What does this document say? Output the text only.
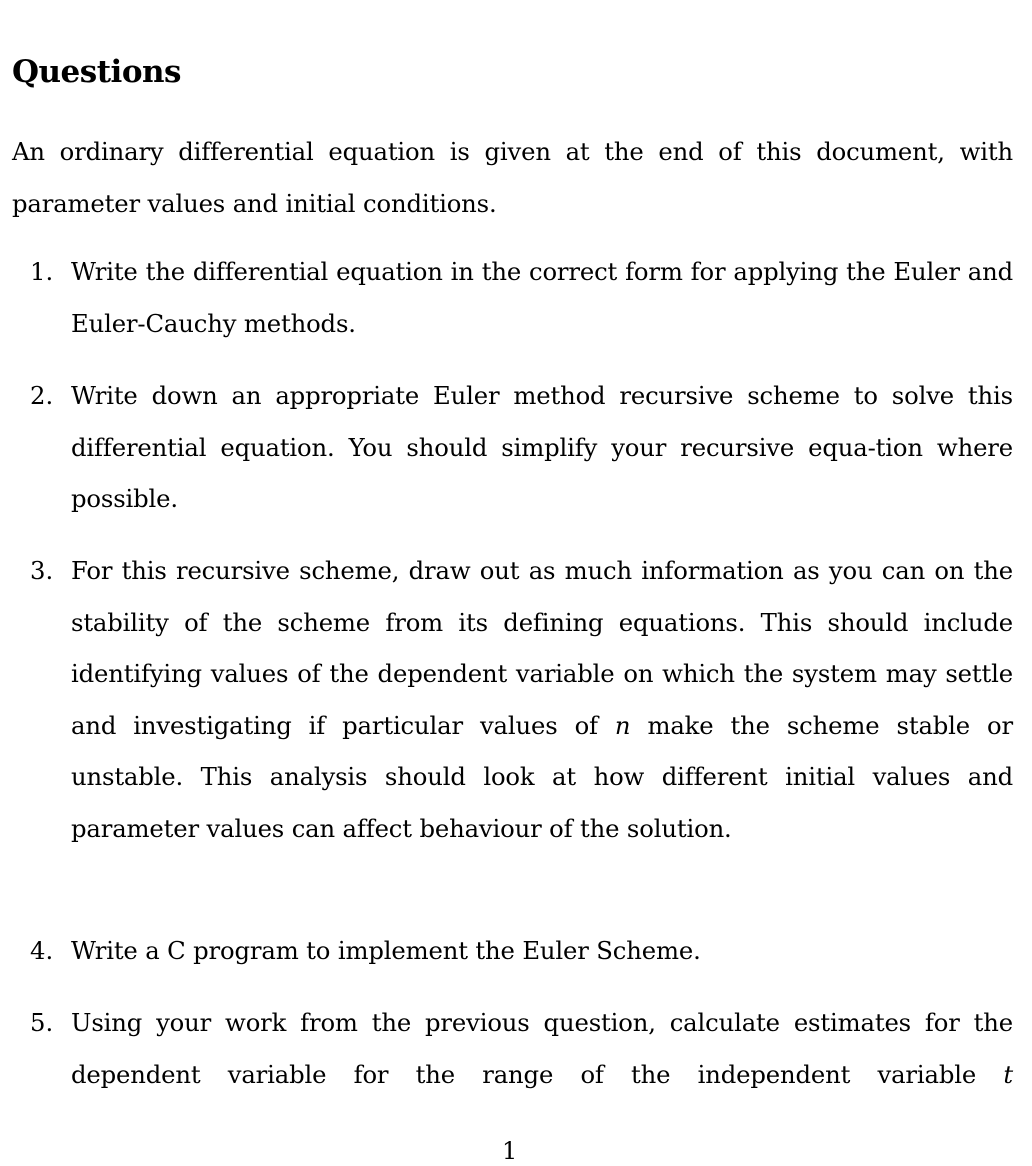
Questions

An ordinary differential equation is given at the end of this document, with parameter values and initial conditions.

1. Write the differential equation in the correct form for applying the Euler and Euler-Cauchy methods.

2. Write down an appropriate Euler method recursive scheme to solve this differential equation. You should simplify your recursive equa-tion where possible.

3. For this recursive scheme, draw out as much information as you can on the stability of the scheme from its defining equations. This should include identifying values of the dependent variable on which the system may settle and investigating if particular values of n make the scheme stable or unstable. This analysis should look at how different initial values and parameter values can affect behaviour of the solution.

4. Write a C program to implement the Euler Scheme.

5. Using your work from the previous question, calculate estimates for the dependent variable for the range of the independent variable t

1
